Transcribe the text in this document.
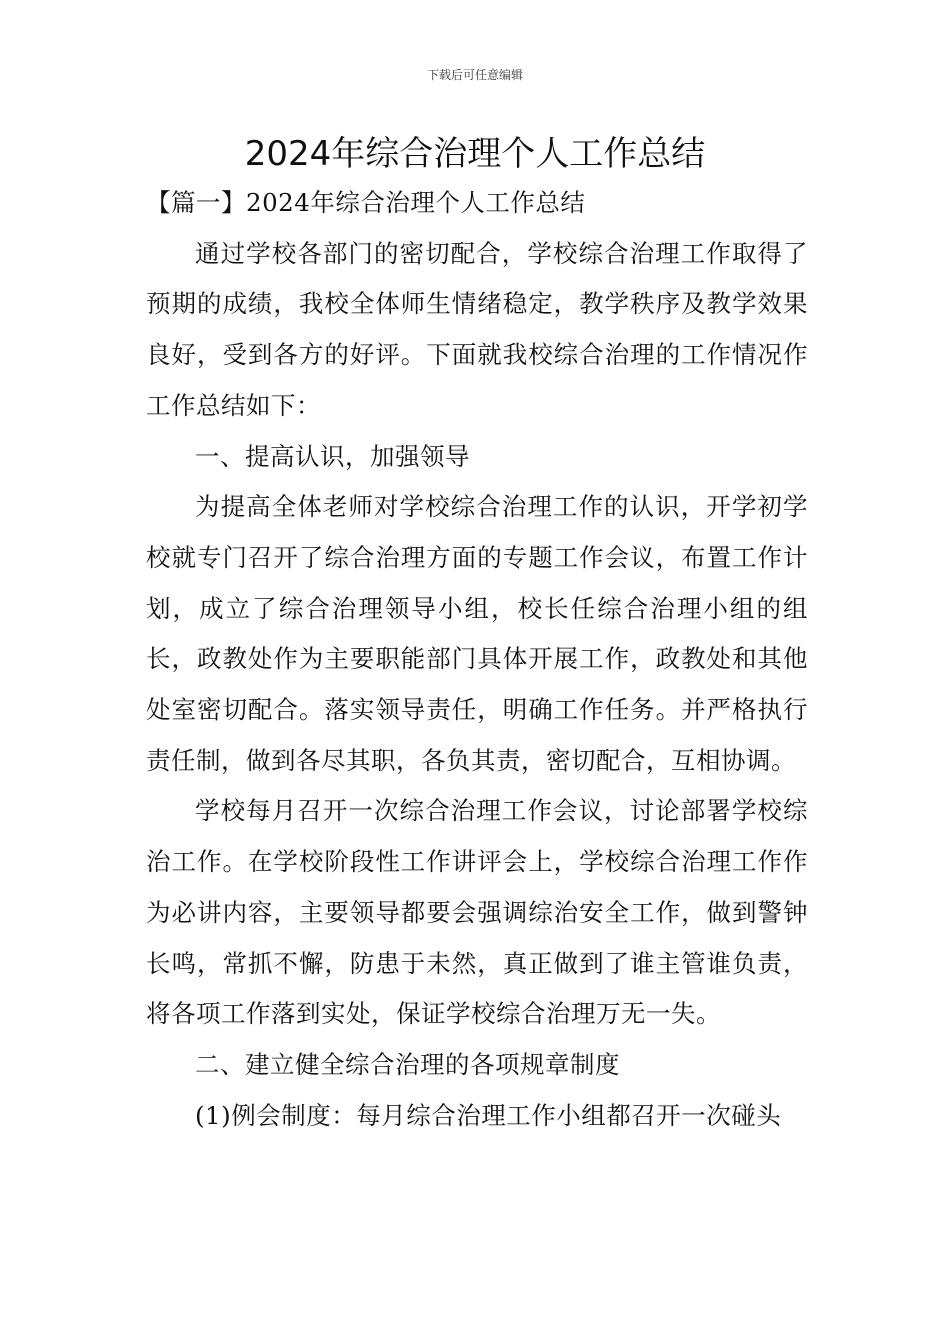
下载后可任意编辑
2024年综合治理个人工作总结

【篇一】2024年综合治理个人工作总结

通过学校各部门的密切配合，学校综合治理工作取得了预期的成绩，我校全体师生情绪稳定，教学秩序及教学效果良好，受到各方的好评。下面就我校综合治理的工作情况作工作总结如下：

一、提高认识，加强领导

为提高全体老师对学校综合治理工作的认识，开学初学校就专门召开了综合治理方面的专题工作会议，布置工作计划，成立了综合治理领导小组，校长任综合治理小组的组长，政教处作为主要职能部门具体开展工作，政教处和其他处室密切配合。落实领导责任，明确工作任务。并严格执行责任制，做到各尽其职，各负其责，密切配合，互相协调。

学校每月召开一次综合治理工作会议，讨论部署学校综治工作。在学校阶段性工作讲评会上，学校综合治理工作作为必讲内容，主要领导都要会强调综治安全工作，做到警钟长鸣，常抓不懈，防患于未然，真正做到了谁主管谁负责，将各项工作落到实处，保证学校综合治理万无一失。

二、建立健全综合治理的各项规章制度

(1)例会制度：每月综合治理工作小组都召开一次碰头
